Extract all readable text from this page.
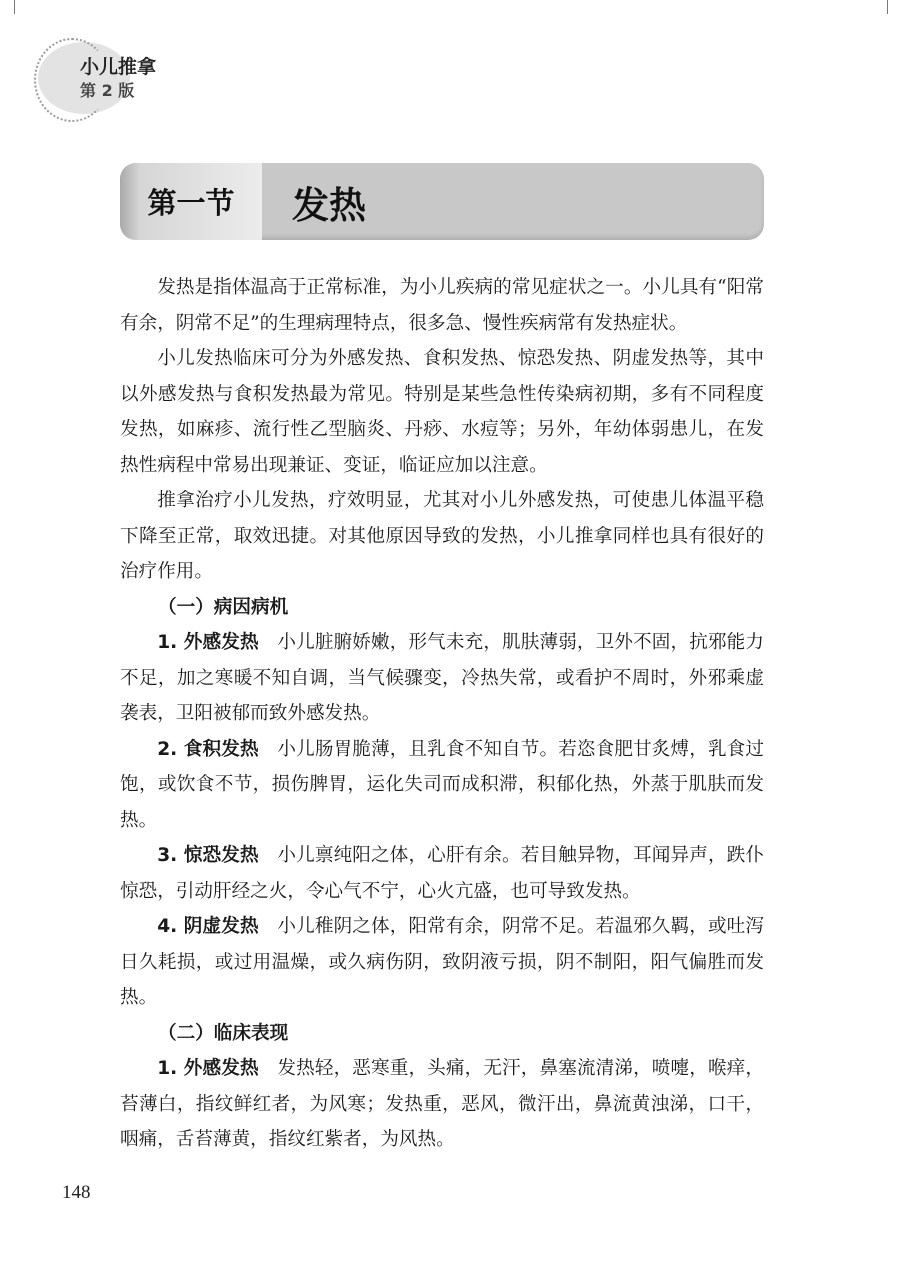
小儿推拿
第 2 版
第一节	发热

发热是指体温高于正常标准，为小儿疾病的常见症状之一。小儿具有“阳常有余，阴常不足”的生理病理特点，很多急、慢性疾病常有发热症状。

小儿发热临床可分为外感发热、食积发热、惊恐发热、阴虚发热等，其中以外感发热与食积发热最为常见。特别是某些急性传染病初期，多有不同程度发热，如麻疹、流行性乙型脑炎、丹痧、水痘等；另外，年幼体弱患儿，在发热性病程中常易出现兼证、变证，临证应加以注意。

推拿治疗小儿发热，疗效明显，尤其对小儿外感发热，可使患儿体温平稳下降至正常，取效迅捷。对其他原因导致的发热，小儿推拿同样也具有很好的治疗作用。

（一）病因病机

1. 外感发热　 小儿脏腑娇嫩，形气未充，肌肤薄弱，卫外不固，抗邪能力不足，加之寒暖不知自调，当气候骤变，冷热失常，或看护不周时，外邪乘虚袭表，卫阳被郁而致外感发热。

2. 食积发热　 小儿肠胃脆薄，且乳食不知自节。若恣食肥甘炙煿，乳食过饱，或饮食不节，损伤脾胃，运化失司而成积滞，积郁化热，外蒸于肌肤而发热。

3. 惊恐发热　 小儿禀纯阳之体，心肝有余。若目触异物，耳闻异声，跌仆惊恐，引动肝经之火，令心气不宁，心火亢盛，也可导致发热。

4. 阴虚发热　 小儿稚阴之体，阳常有余，阴常不足。若温邪久羁，或吐泻日久耗损，或过用温燥，或久病伤阴，致阴液亏损，阴不制阳，阳气偏胜而发热。

（二）临床表现

1. 外感发热　 发热轻，恶寒重，头痛，无汗，鼻塞流清涕，喷嚏，喉痒，苔薄白，指纹鲜红者，为风寒；发热重，恶风，微汗出，鼻流黄浊涕，口干，咽痛，舌苔薄黄，指纹红紫者，为风热。

148
